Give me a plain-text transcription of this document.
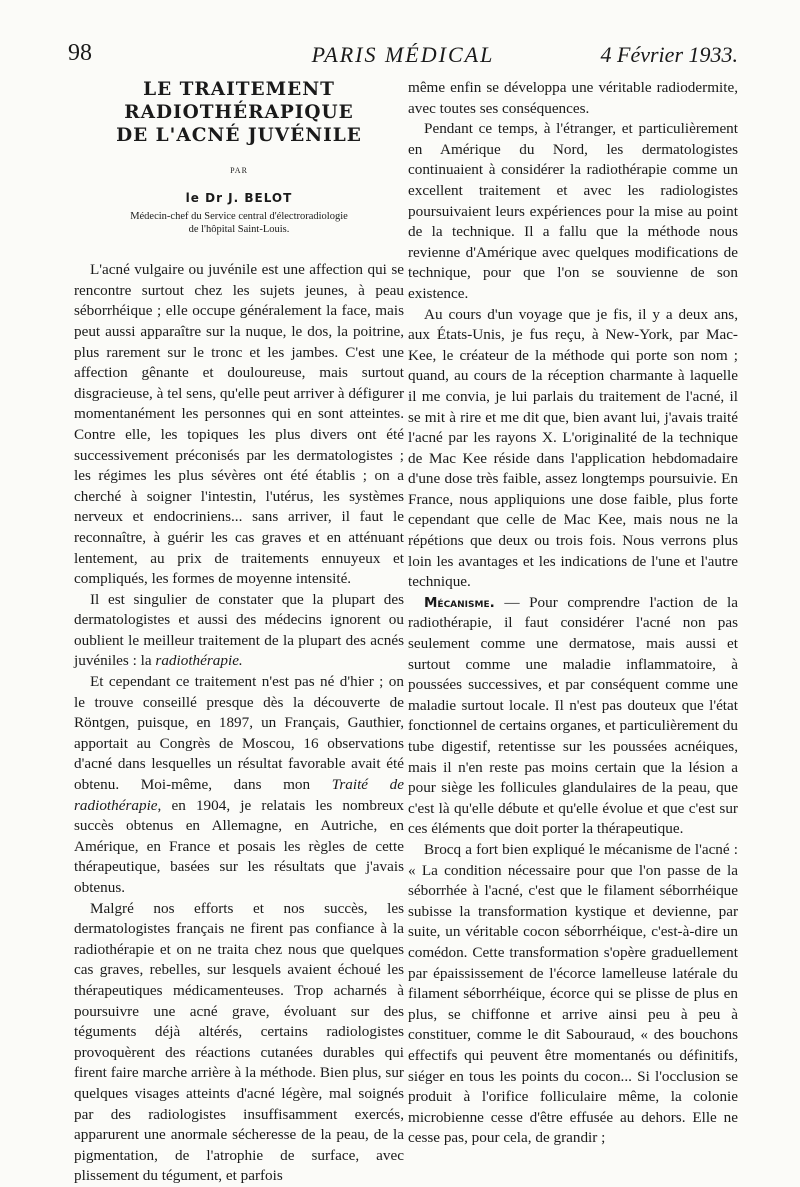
98	PARIS MÉDICAL	4 Février 1933.
LE TRAITEMENT
RADIOTHÉRAPIQUE
DE L'ACNÉ JUVÉNILE
PAR
le Dr J. BELOT
Médecin-chef du Service central d'électroradiologie
de l'hôpital Saint-Louis.

L'acné vulgaire ou juvénile est une affection qui se rencontre surtout chez les sujets jeunes, à peau séborrhéique ; elle occupe généralement la face, mais peut aussi apparaître sur la nuque, le dos, la poitrine, plus rarement sur le tronc et les jambes. C'est une affection gênante et douloureuse, mais surtout disgracieuse, à tel sens, qu'elle peut arriver à défigurer momentanément les personnes qui en sont atteintes. Contre elle, les topiques les plus divers ont été successivement préconisés par les dermatologistes ; les régimes les plus sévères ont été établis ; on a cherché à soigner l'intestin, l'utérus, les systèmes nerveux et endocriniens... sans arriver, il faut le reconnaître, à guérir les cas graves et en atténuant lentement, au prix de traitements ennuyeux et compliqués, les formes de moyenne intensité.

Il est singulier de constater que la plupart des dermatologistes et aussi des médecins ignorent ou oublient le meilleur traitement de la plupart des acnés juvéniles : la radiothérapie.

Et cependant ce traitement n'est pas né d'hier ; on le trouve conseillé presque dès la découverte de Röntgen, puisque, en 1897, un Français, Gauthier, apportait au Congrès de Moscou, 16 observations d'acné dans lesquelles un résultat favorable avait été obtenu. Moi-même, dans mon Traité de radiothérapie, en 1904, je relatais les nombreux succès obtenus en Allemagne, en Autriche, en Amérique, en France et posais les règles de cette thérapeutique, basées sur les résultats que j'avais obtenus.

Malgré nos efforts et nos succès, les dermatologistes français ne firent pas confiance à la radiothérapie et on ne traita chez nous que quelques cas graves, rebelles, sur lesquels avaient échoué les thérapeutiques médicamenteuses. Trop acharnés à poursuivre une acné grave, évoluant sur des téguments déjà altérés, certains radiologistes provoquèrent des réactions cutanées durables qui firent faire marche arrière à la méthode. Bien plus, sur quelques visages atteints d'acné légère, mal soignés par des radiologistes insuffisamment exercés, apparurent une anormale sécheresse de la peau, de la pigmentation, de l'atrophie de surface, avec plissement du tégument, et parfois

même enfin se développa une véritable radiodermite, avec toutes ses conséquences.

Pendant ce temps, à l'étranger, et particulièrement en Amérique du Nord, les dermatologistes continuaient à considérer la radiothérapie comme un excellent traitement et avec les radiologistes poursuivaient leurs expériences pour la mise au point de la technique. Il a fallu que la méthode nous revienne d'Amérique avec quelques modifications de technique, pour que l'on se souvienne de son existence.

Au cours d'un voyage que je fis, il y a deux ans, aux États-Unis, je fus reçu, à New-York, par Mac-Kee, le créateur de la méthode qui porte son nom ; quand, au cours de la réception charmante à laquelle il me convia, je lui parlais du traitement de l'acné, il se mit à rire et me dit que, bien avant lui, j'avais traité l'acné par les rayons X. L'originalité de la technique de Mac Kee réside dans l'application hebdomadaire d'une dose très faible, assez longtemps poursuivie. En France, nous appliquions une dose faible, plus forte cependant que celle de Mac Kee, mais nous ne la répétions que deux ou trois fois. Nous verrons plus loin les avantages et les indications de l'une et l'autre technique.

Mécanisme. — Pour comprendre l'action de la radiothérapie, il faut considérer l'acné non pas seulement comme une dermatose, mais aussi et surtout comme une maladie inflammatoire, à poussées successives, et par conséquent comme une maladie surtout locale. Il n'est pas douteux que l'état fonctionnel de certains organes, et particulièrement du tube digestif, retentisse sur les poussées acnéiques, mais il n'en reste pas moins certain que la lésion a pour siège les follicules glandulaires de la peau, que c'est là qu'elle débute et qu'elle évolue et que c'est sur ces éléments que doit porter la thérapeutique.

Brocq a fort bien expliqué le mécanisme de l'acné : « La condition nécessaire pour que l'on passe de la séborrhée à l'acné, c'est que le filament séborrhéique subisse la transformation kystique et devienne, par suite, un véritable cocon séborrhéique, c'est-à-dire un comédon. Cette transformation s'opère graduellement par épaississement de l'écorce lamelleuse latérale du filament séborrhéique, écorce qui se plisse de plus en plus, se chiffonne et arrive ainsi peu à peu à constituer, comme le dit Sabouraud, « des bouchons effectifs qui peuvent être momentanés ou définitifs, siéger en tous les points du cocon... Si l'occlusion se produit à l'orifice folliculaire même, la colonie microbienne cesse d'être effusée au dehors. Elle ne cesse pas, pour cela, de grandir ;
